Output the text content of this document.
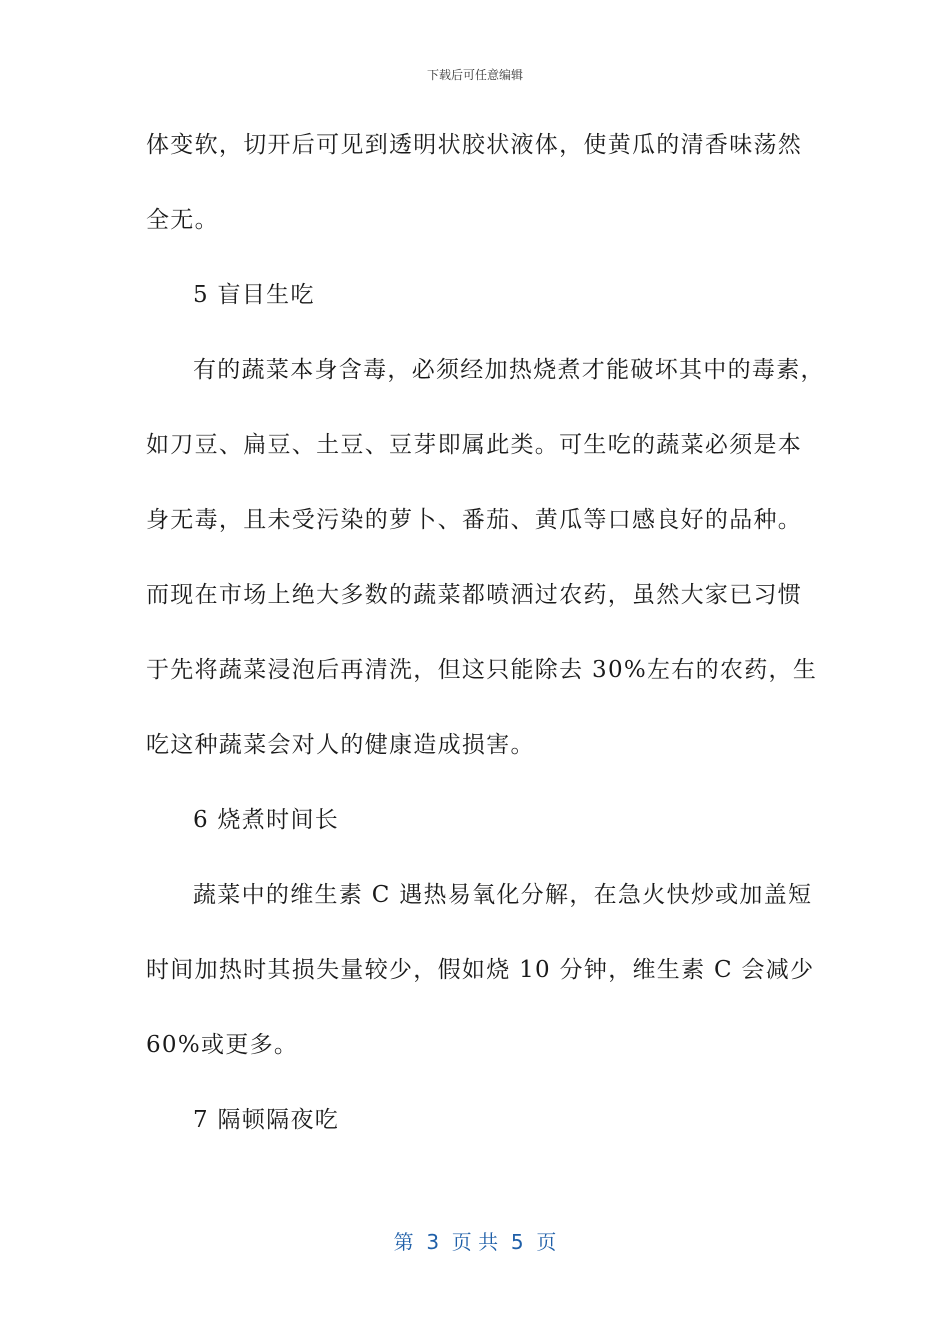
下载后可任意编辑
体变软，切开后可见到透明状胶状液体，使黄瓜的清香味荡然
全无。
5 盲目生吃
有的蔬菜本身含毒，必须经加热烧煮才能破坏其中的毒素，
如刀豆、扁豆、土豆、豆芽即属此类。可生吃的蔬菜必须是本
身无毒，且未受污染的萝卜、番茄、黄瓜等口感良好的品种。
而现在市场上绝大多数的蔬菜都喷洒过农药，虽然大家已习惯
于先将蔬菜浸泡后再清洗，但这只能除去 30%左右的农药，生
吃这种蔬菜会对人的健康造成损害。
6 烧煮时间长
蔬菜中的维生素 C 遇热易氧化分解，在急火快炒或加盖短
时间加热时其损失量较少，假如烧 10 分钟，维生素 C 会减少
60%或更多。
7 隔顿隔夜吃
第  3  页 共  5  页
